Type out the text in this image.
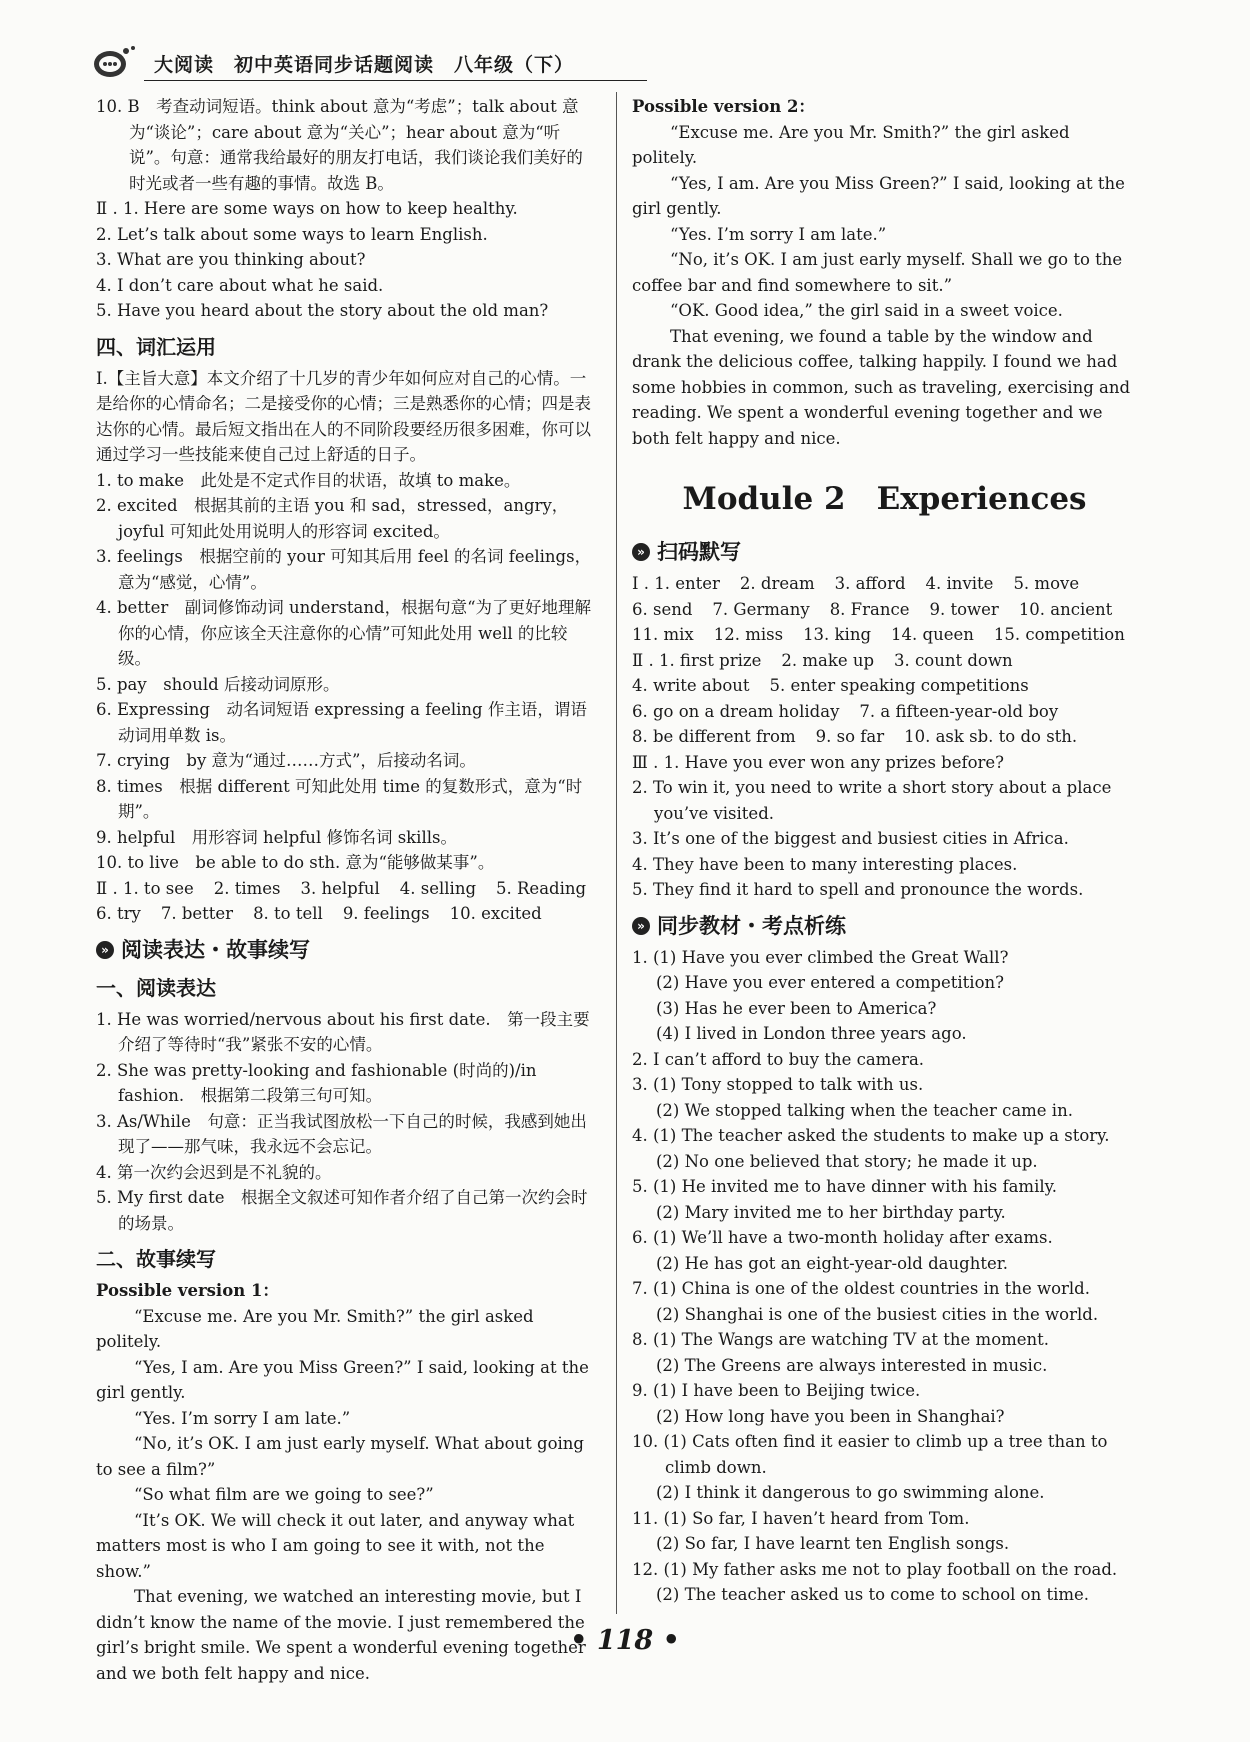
大阅读　初中英语同步话题阅读　八年级（下）

10. B　考查动词短语。think about 意为“考虑”；talk about 意为“谈论”；care about 意为“关心”；hear about 意为“听说”。句意：通常我给最好的朋友打电话，我们谈论我们美好的时光或者一些有趣的事情。故选 B。

Ⅱ . 1. Here are some ways on how to keep healthy.

2. Let’s talk about some ways to learn English.

3. What are you thinking about?

4. I don’t care about what he said.

5. Have you heard about the story about the old man?

四、词汇运用

Ⅰ.【主旨大意】本文介绍了十几岁的青少年如何应对自己的心情。一是给你的心情命名；二是接受你的心情；三是熟悉你的心情；四是表达你的心情。最后短文指出在人的不同阶段要经历很多困难，你可以通过学习一些技能来使自己过上舒适的日子。

1. to make　此处是不定式作目的状语，故填 to make。

2. excited　根据其前的主语 you 和 sad，stressed，angry，joyful 可知此处用说明人的形容词 excited。

3. feelings　根据空前的 your 可知其后用 feel 的名词 feelings，意为“感觉，心情”。

4. better　副词修饰动词 understand，根据句意“为了更好地理解你的心情，你应该全天注意你的心情”可知此处用 well 的比较级。

5. pay　should 后接动词原形。

6. Expressing　动名词短语 expressing a feeling 作主语，谓语动词用单数 is。

7. crying　by 意为“通过……方式”，后接动名词。

8. times　根据 different 可知此处用 time 的复数形式，意为“时期”。

9. helpful　用形容词 helpful 修饰名词 skills。

10. to live　be able to do sth. 意为“能够做某事”。

Ⅱ . 1. to see 2. times 3. helpful 4. selling 5. Reading
6. try 7. better 8. to tell 9. feelings 10. excited
» 阅读表达・故事续写
一、阅读表达

1. He was worried/nervous about his first date.　第一段主要介绍了等待时“我”紧张不安的心情。

2. She was pretty-looking and fashionable (时尚的)/in fashion.　根据第二段第三句可知。

3. As/While　句意：正当我试图放松一下自己的时候，我感到她出现了——那气味，我永远不会忘记。

4. 第一次约会迟到是不礼貌的。

5. My first date　根据全文叙述可知作者介绍了自己第一次约会时的场景。

二、故事续写

Possible version 1：

“Excuse me. Are you Mr. Smith?” the girl asked politely.

“Yes, I am. Are you Miss Green?” I said, looking at the girl gently.

“Yes. I’m sorry I am late.”

“No, it’s OK. I am just early myself. What about going to see a film?”

“So what film are we going to see?”

“It’s OK. We will check it out later, and anyway what matters most is who I am going to see it with, not the show.”

That evening, we watched an interesting movie, but I didn’t know the name of the movie. I just remembered the girl’s bright smile. We spent a wonderful evening together and we both felt happy and nice.

Possible version 2：

“Excuse me. Are you Mr. Smith?” the girl asked politely.

“Yes, I am. Are you Miss Green?” I said, looking at the girl gently.

“Yes. I’m sorry I am late.”

“No, it’s OK. I am just early myself. Shall we go to the coffee bar and find somewhere to sit.”

“OK. Good idea,” the girl said in a sweet voice.

That evening, we found a table by the window and drank the delicious coffee, talking happily. I found we had some hobbies in common, such as traveling, exercising and reading. We spent a wonderful evening together and we both felt happy and nice.

Module 2　Experiences
» 扫码默写
Ⅰ . 1. enter 2. dream 3. afford 4. invite 5. move
6. send 7. Germany 8. France 9. tower 10. ancient
11. mix 12. miss 13. king 14. queen 15. competition
Ⅱ . 1. first prize 2. make up 3. count down
4. write about 5. enter speaking competitions
6. go on a dream holiday 7. a fifteen-year-old boy
8. be different from 9. so far 10. ask sb. to do sth.

Ⅲ . 1. Have you ever won any prizes before?

2. To win it, you need to write a short story about a place you’ve visited.

3. It’s one of the biggest and busiest cities in Africa.

4. They have been to many interesting places.

5. They find it hard to spell and pronounce the words.

» 同步教材・考点析练

1. (1) Have you ever climbed the Great Wall?

(2) Have you ever entered a competition?

(3) Has he ever been to America?

(4) I lived in London three years ago.

2. I can’t afford to buy the camera.

3. (1) Tony stopped to talk with us.

(2) We stopped talking when the teacher came in.

4. (1) The teacher asked the students to make up a story.

(2) No one believed that story; he made it up.

5. (1) He invited me to have dinner with his family.

(2) Mary invited me to her birthday party.

6. (1) We’ll have a two-month holiday after exams.

(2) He has got an eight-year-old daughter.

7. (1) China is one of the oldest countries in the world.

(2) Shanghai is one of the busiest cities in the world.

8. (1) The Wangs are watching TV at the moment.

(2) The Greens are always interested in music.

9. (1) I have been to Beijing twice.

(2) How long have you been in Shanghai?

10. (1) Cats often find it easier to climb up a tree than to climb down.

(2) I think it dangerous to go swimming alone.

11. (1) So far, I haven’t heard from Tom.

(2) So far, I have learnt ten English songs.

12. (1) My father asks me not to play football on the road.

(2) The teacher asked us to come to school on time.

• 118 •
